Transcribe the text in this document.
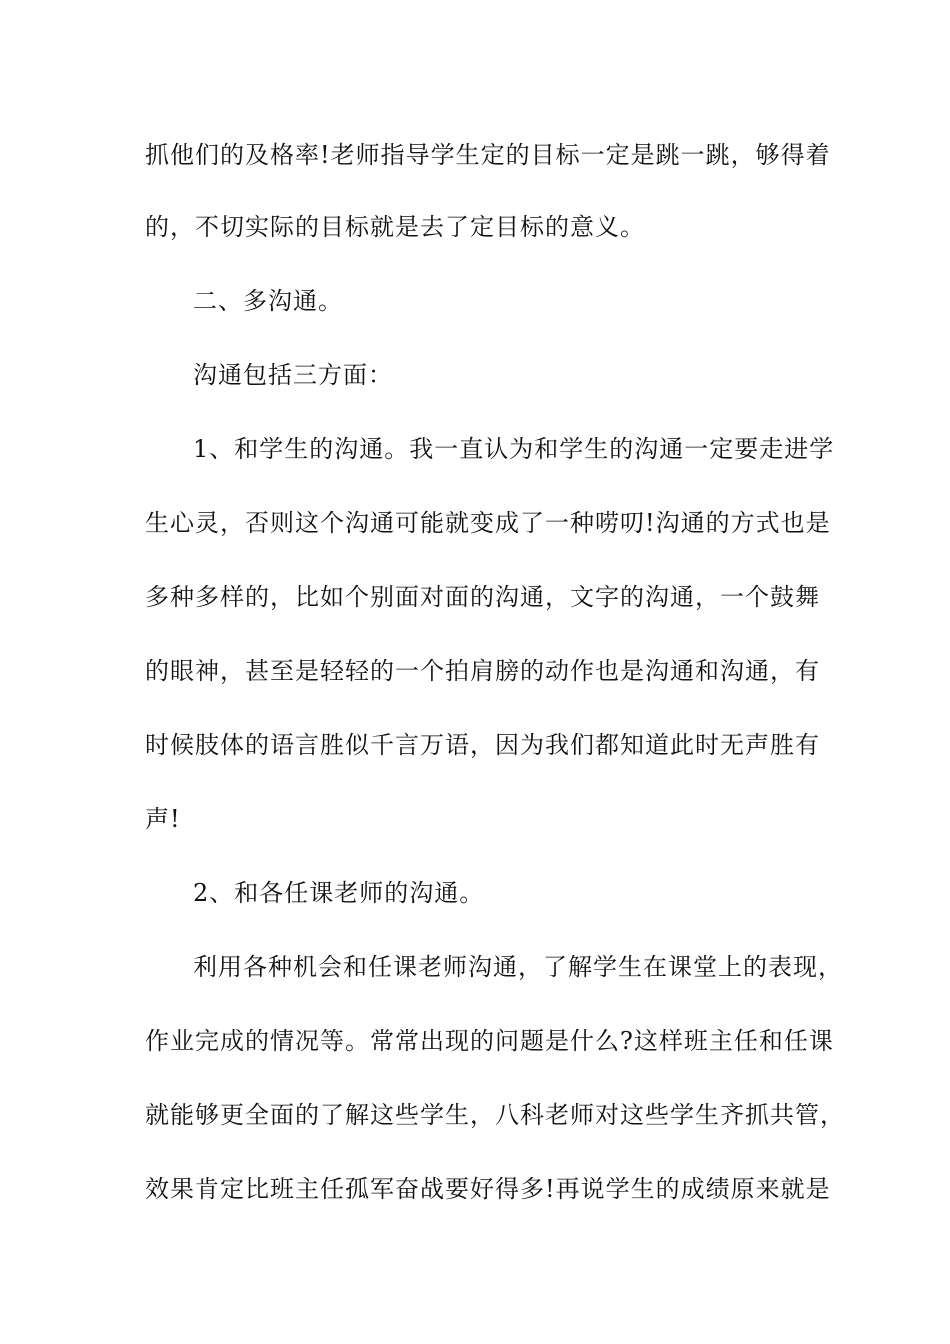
抓他们的及格率!老师指导学生定的目标一定是跳一跳，够得着
的，不切实际的目标就是去了定目标的意义。
二、多沟通。
沟通包括三方面：
1、和学生的沟通。我一直认为和学生的沟通一定要走进学
生心灵，否则这个沟通可能就变成了一种唠叨!沟通的方式也是
多种多样的，比如个别面对面的沟通，文字的沟通，一个鼓舞
的眼神，甚至是轻轻的一个拍肩膀的动作也是沟通和沟通，有
时候肢体的语言胜似千言万语，因为我们都知道此时无声胜有
声!
2、和各任课老师的沟通。
利用各种机会和任课老师沟通，了解学生在课堂上的表现，
作业完成的情况等。常常出现的问题是什么?这样班主任和任课
就能够更全面的了解这些学生，八科老师对这些学生齐抓共管，
效果肯定比班主任孤军奋战要好得多!再说学生的成绩原来就是
